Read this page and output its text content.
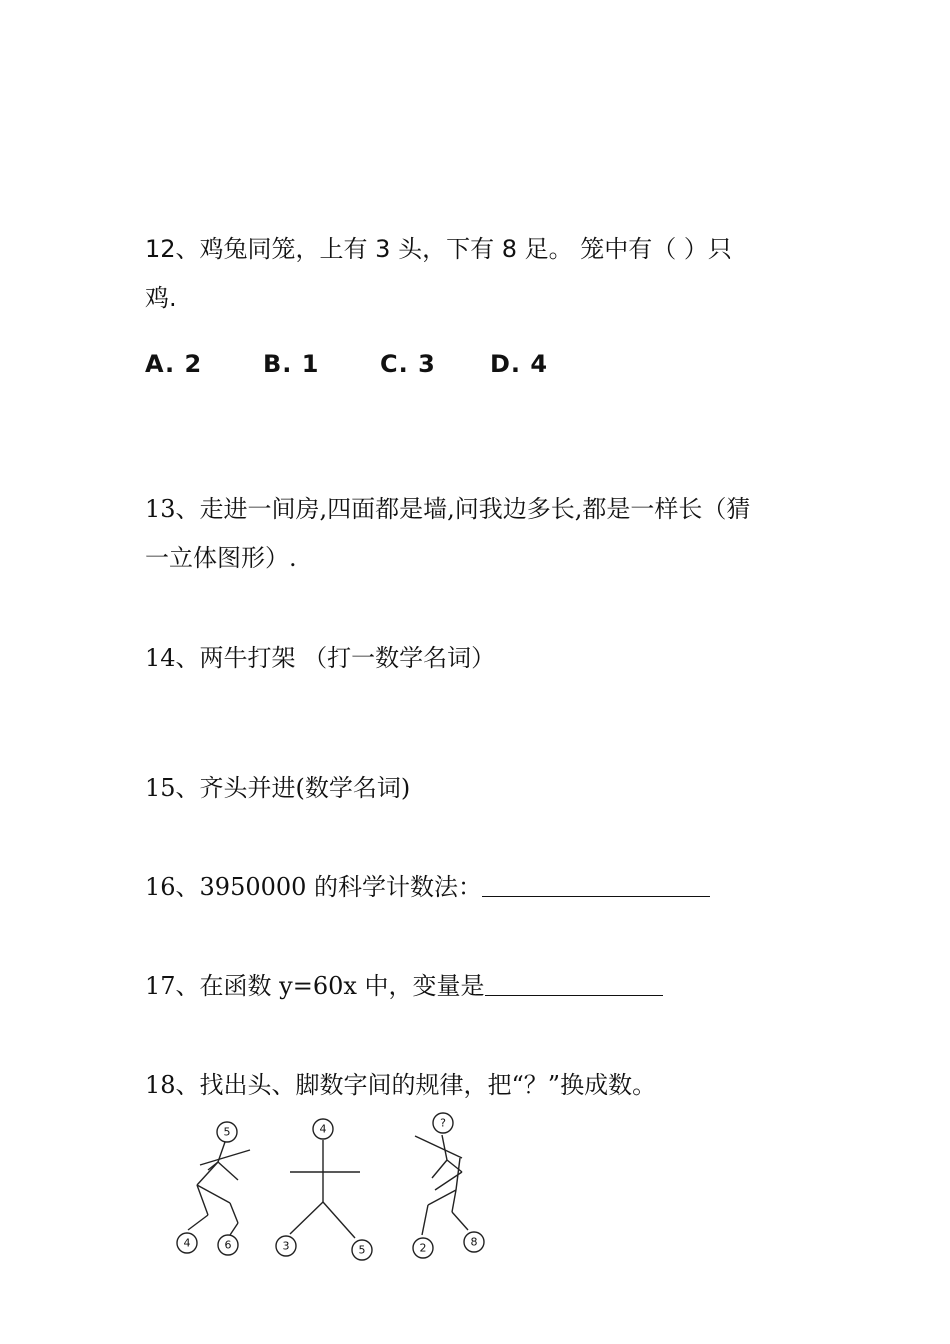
12、鸡兔同笼，上有 3 头，下有 8 足。 笼中有（ ）只
鸡.
A. 2	B. 1	C. 3 D. 4
13、走进一间房,四面都是墙,问我边多长,都是一样长（猜
一立体图形）.
14、两牛打架 （打一数学名词）
15、齐头并进(数学名词)
16、3950000 的科学计数法：
17、在函数 y=60x 中，变量是
18、找出头、脚数字间的规律，把“？”换成数。
5
4	6
4
3	5
?
2	8
